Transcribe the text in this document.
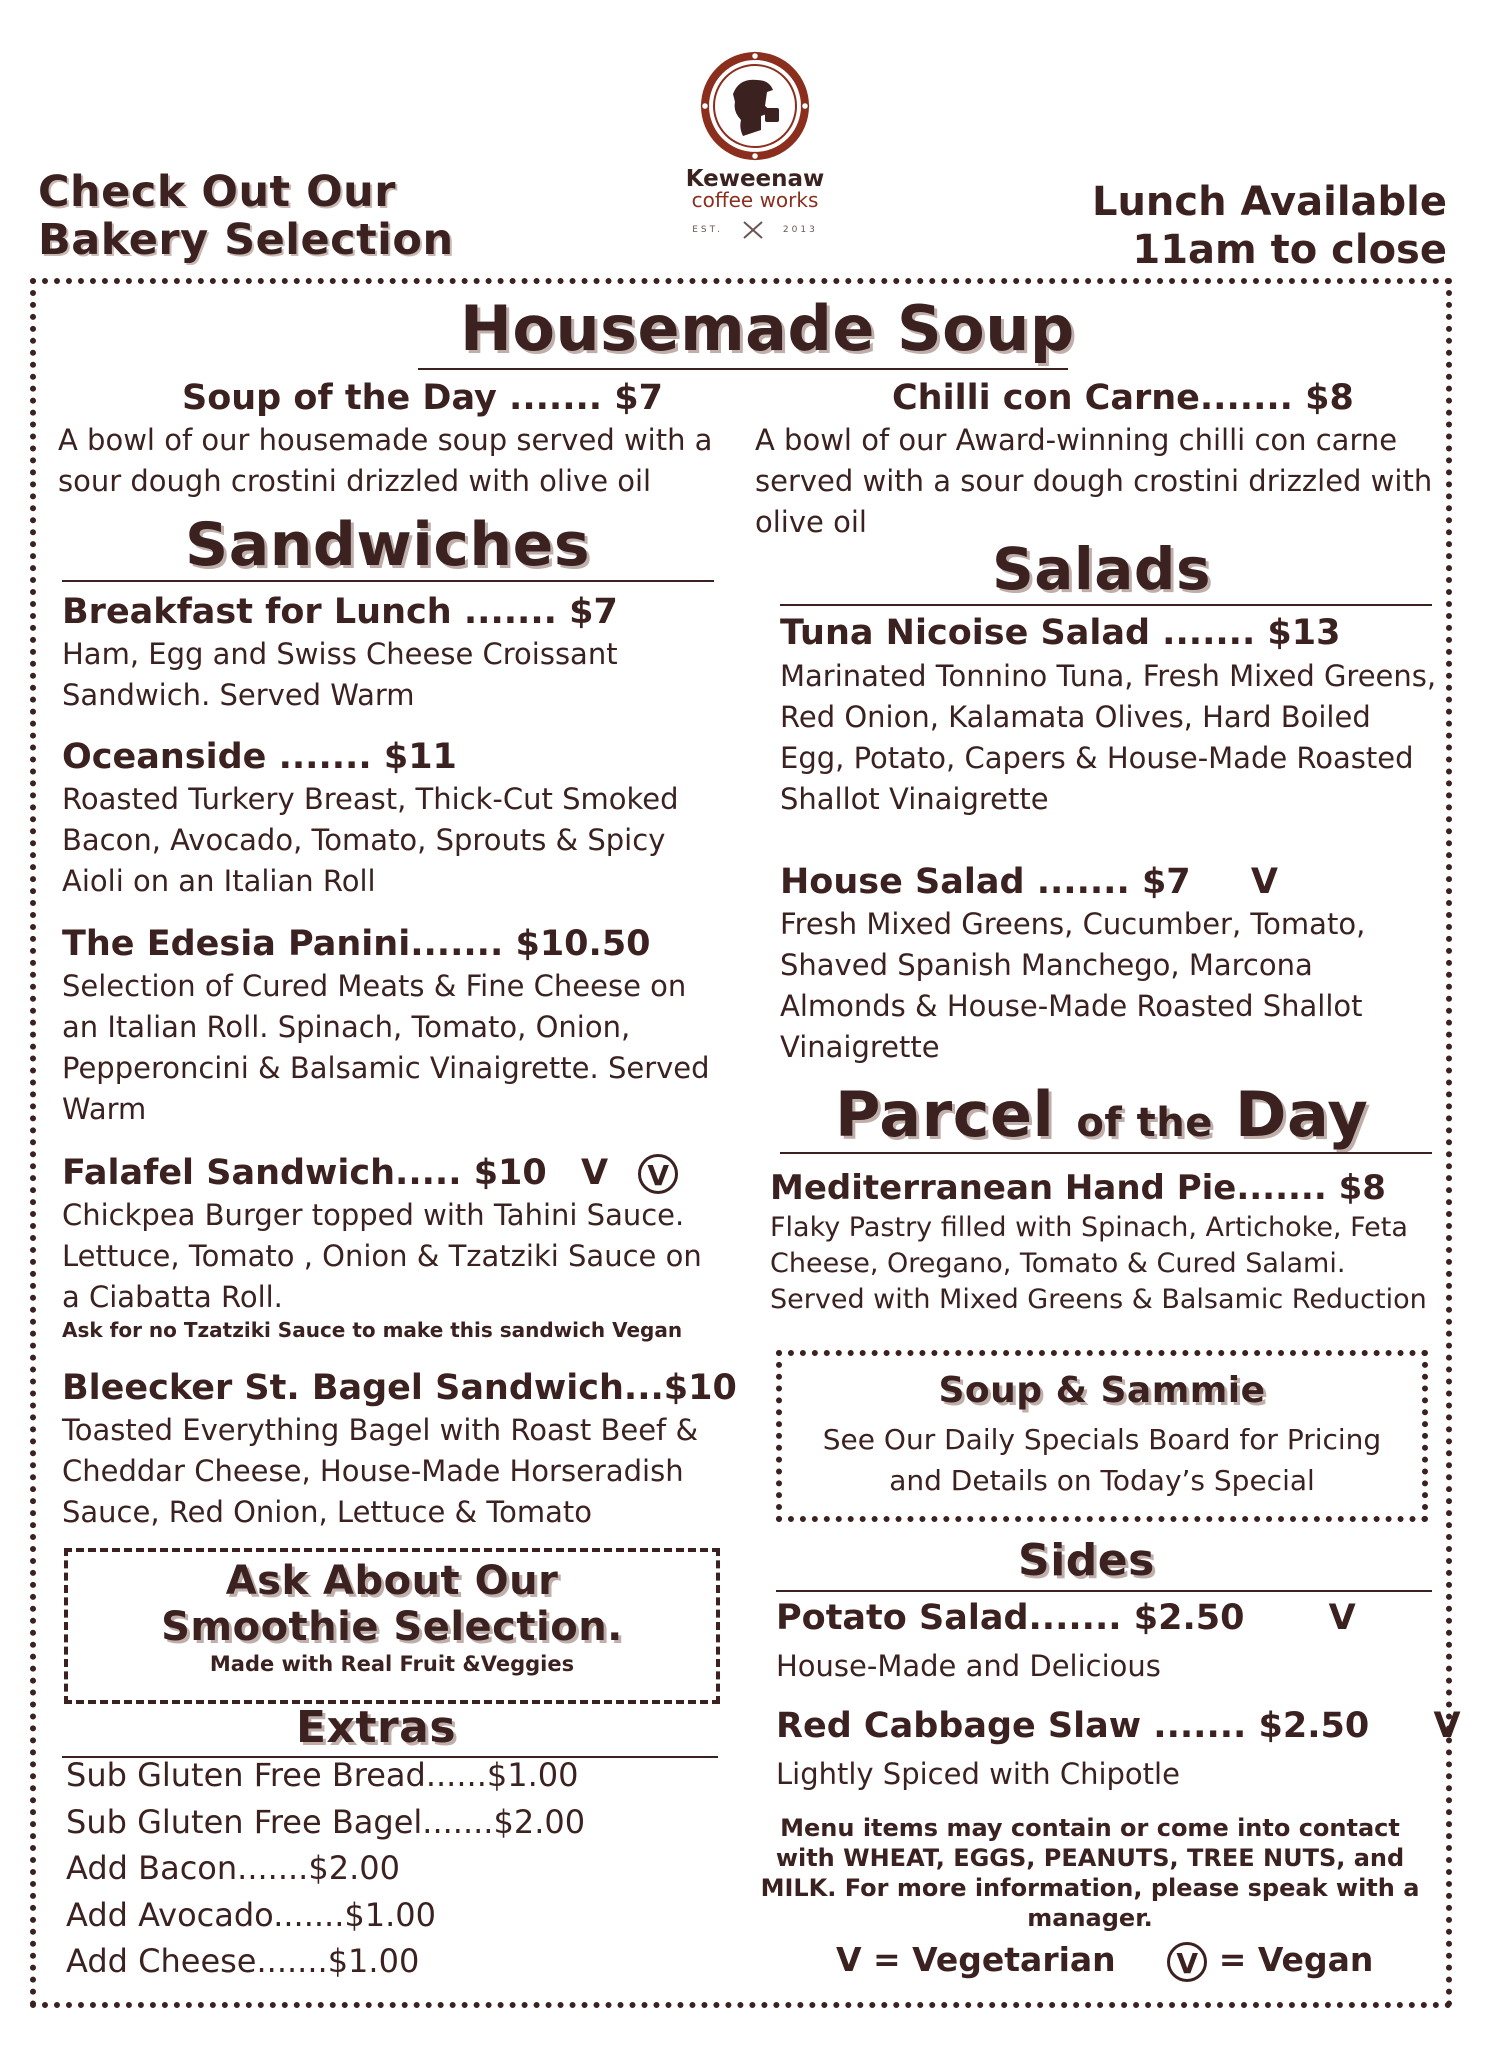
Check Out Our
Bakery Selection
Keweenaw
coffee works
EST.	2013
Lunch Available
11am to close
Housemade Soup
Soup of the Day ....... $7
A bowl of our housemade soup served with a sour dough crostini drizzled with olive oil
Chilli con Carne....... $8
A bowl of our Award-winning chilli con carne served with a sour dough crostini drizzled with olive oil
Sandwiches
Breakfast for Lunch ....... $7
Ham, Egg and Swiss Cheese Croissant Sandwich. Served Warm
Oceanside ....... $11
Roasted Turkery Breast, Thick-Cut Smoked Bacon, Avocado, Tomato, Sprouts & Spicy Aioli on an Italian Roll
The Edesia Panini....... $10.50
Selection of Cured Meats & Fine Cheese on an Italian Roll. Spinach, Tomato, Onion, Pepperoncini & Balsamic Vinaigrette. Served Warm
Falafel Sandwich..... $10 V V
Chickpea Burger topped with Tahini Sauce. Lettuce, Tomato , Onion & Tzatziki Sauce on a Ciabatta Roll.
Ask for no Tzatziki Sauce to make this sandwich Vegan
Bleecker St. Bagel Sandwich...$10
Toasted Everything Bagel with Roast Beef & Cheddar Cheese, House-Made Horseradish Sauce, Red Onion, Lettuce & Tomato
Ask About Our
Smoothie Selection.
Made with Real Fruit &Veggies
Extras
Sub Gluten Free Bread......$1.00
Sub Gluten Free Bagel.......$2.00
Add Bacon.......$2.00
Add Avocado.......$1.00
Add Cheese.......$1.00
Salads
Tuna Nicoise Salad ....... $13
Marinated Tonnino Tuna, Fresh Mixed Greens, Red Onion, Kalamata Olives, Hard Boiled Egg, Potato, Capers & House-Made Roasted Shallot Vinaigrette
House Salad ....... $7 V
Fresh Mixed Greens, Cucumber, Tomato, Shaved Spanish Manchego, Marcona Almonds & House-Made Roasted Shallot Vinaigrette
Parcel of the Day
Mediterranean Hand Pie....... $8
Flaky Pastry filled with Spinach, Artichoke, Feta Cheese, Oregano, Tomato & Cured Salami. Served with Mixed Greens & Balsamic Reduction
Soup & Sammie
See Our Daily Specials Board for Pricing and Details on Today’s Special
Sides
Potato Salad....... $2.50 V
House-Made and Delicious
Red Cabbage Slaw ....... $2.50 V
Lightly Spiced with Chipotle
Menu items may contain or come into contact with WHEAT, EGGS, PEANUTS, TREE NUTS, and MILK. For more information, please speak with a manager.
V = Vegetarian V = Vegan
